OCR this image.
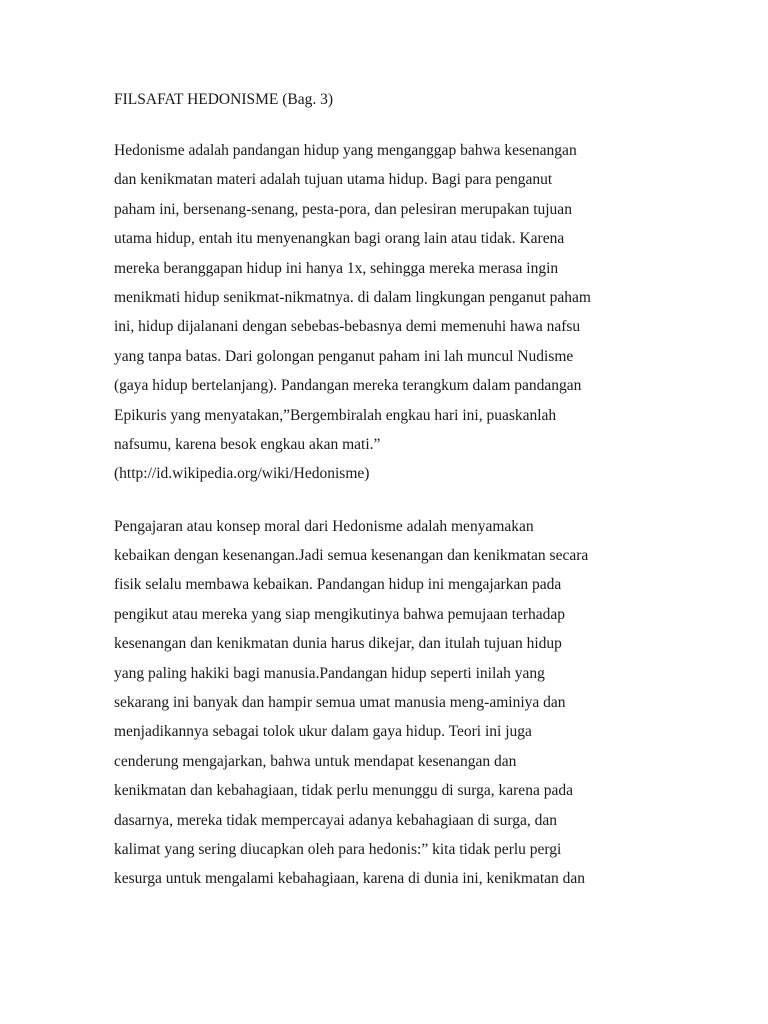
FILSAFAT HEDONISME (Bag. 3)
Hedonisme adalah pandangan hidup yang menganggap bahwa kesenangan
dan kenikmatan materi adalah tujuan utama hidup. Bagi para penganut
paham ini, bersenang-senang, pesta-pora, dan pelesiran merupakan tujuan
utama hidup, entah itu menyenangkan bagi orang lain atau tidak. Karena
mereka beranggapan hidup ini hanya 1x, sehingga mereka merasa ingin
menikmati hidup senikmat-nikmatnya. di dalam lingkungan penganut paham
ini, hidup dijalanani dengan sebebas-bebasnya demi memenuhi hawa nafsu
yang tanpa batas. Dari golongan penganut paham ini lah muncul Nudisme
(gaya hidup bertelanjang). Pandangan mereka terangkum dalam pandangan
Epikuris yang menyatakan,”Bergembiralah engkau hari ini, puaskanlah
nafsumu, karena besok engkau akan mati.”
(http://id.wikipedia.org/wiki/Hedonisme)
Pengajaran atau konsep moral dari Hedonisme adalah menyamakan
kebaikan dengan kesenangan.Jadi semua kesenangan dan kenikmatan secara
fisik selalu membawa kebaikan. Pandangan hidup ini mengajarkan pada
pengikut atau mereka yang siap mengikutinya bahwa pemujaan terhadap
kesenangan dan kenikmatan dunia harus dikejar, dan itulah tujuan hidup
yang paling hakiki bagi manusia.Pandangan hidup seperti inilah yang
sekarang ini banyak dan hampir semua umat manusia meng-aminiya dan
menjadikannya sebagai tolok ukur dalam gaya hidup. Teori ini juga
cenderung mengajarkan, bahwa untuk mendapat kesenangan dan
kenikmatan dan kebahagiaan, tidak perlu menunggu di surga, karena pada
dasarnya, mereka tidak mempercayai adanya kebahagiaan di surga, dan
kalimat yang sering diucapkan oleh para hedonis:” kita tidak perlu pergi
kesurga untuk mengalami kebahagiaan, karena di dunia ini, kenikmatan dan
